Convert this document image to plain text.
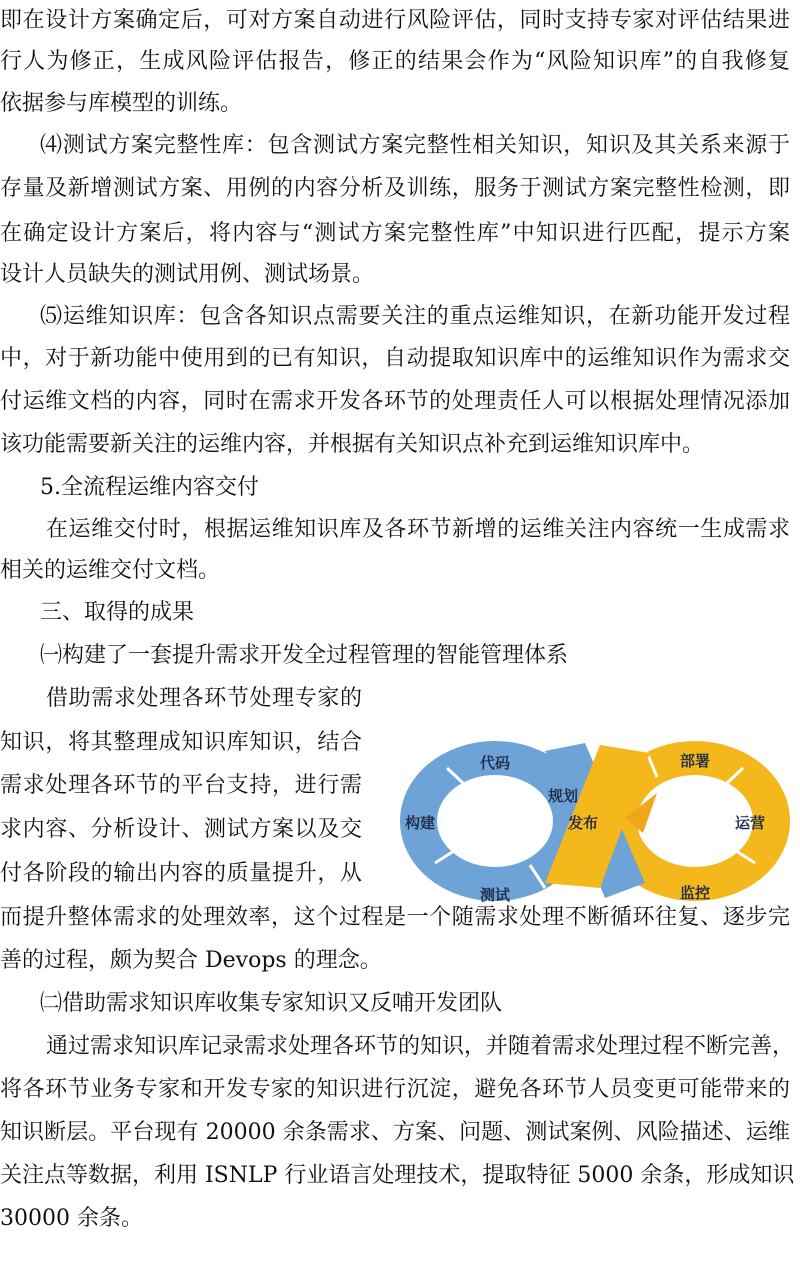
即在设计方案确定后，可对方案自动进行风险评估，同时支持专家对评估结果进
行人为修正，生成风险评估报告，修正的结果会作为“风险知识库”的自我修复
依据参与库模型的训练。
⑷测试方案完整性库：包含测试方案完整性相关知识，知识及其关系来源于
存量及新增测试方案、用例的内容分析及训练，服务于测试方案完整性检测，即
在确定设计方案后，将内容与“测试方案完整性库”中知识进行匹配，提示方案
设计人员缺失的测试用例、测试场景。
⑸运维知识库：包含各知识点需要关注的重点运维知识，在新功能开发过程
中，对于新功能中使用到的已有知识，自动提取知识库中的运维知识作为需求交
付运维文档的内容，同时在需求开发各环节的处理责任人可以根据处理情况添加
该功能需要新关注的运维内容，并根据有关知识点补充到运维知识库中。
5.全流程运维内容交付
在运维交付时，根据运维知识库及各环节新增的运维关注内容统一生成需求
相关的运维交付文档。
三、取得的成果
㈠构建了一套提升需求开发全过程管理的智能管理体系
借助需求处理各环节处理专家的
知识，将其整理成知识库知识，结合
需求处理各环节的平台支持，进行需
求内容、分析设计、测试方案以及交
付各阶段的输出内容的质量提升，从
而提升整体需求的处理效率，这个过程是一个随需求处理不断循环往复、逐步完
善的过程，颇为契合 Devops 的理念。
㈡借助需求知识库收集专家知识又反哺开发团队
通过需求知识库记录需求处理各环节的知识，并随着需求处理过程不断完善，
将各环节业务专家和开发专家的知识进行沉淀，避免各环节人员变更可能带来的
知识断层。平台现有 20000 余条需求、方案、问题、测试案例、风险描述、运维
关注点等数据，利用 ISNLP 行业语言处理技术，提取特征 5000 余条，形成知识
30000 余条。
代码
规划
构建	发布
测试
部署
运营
监控
